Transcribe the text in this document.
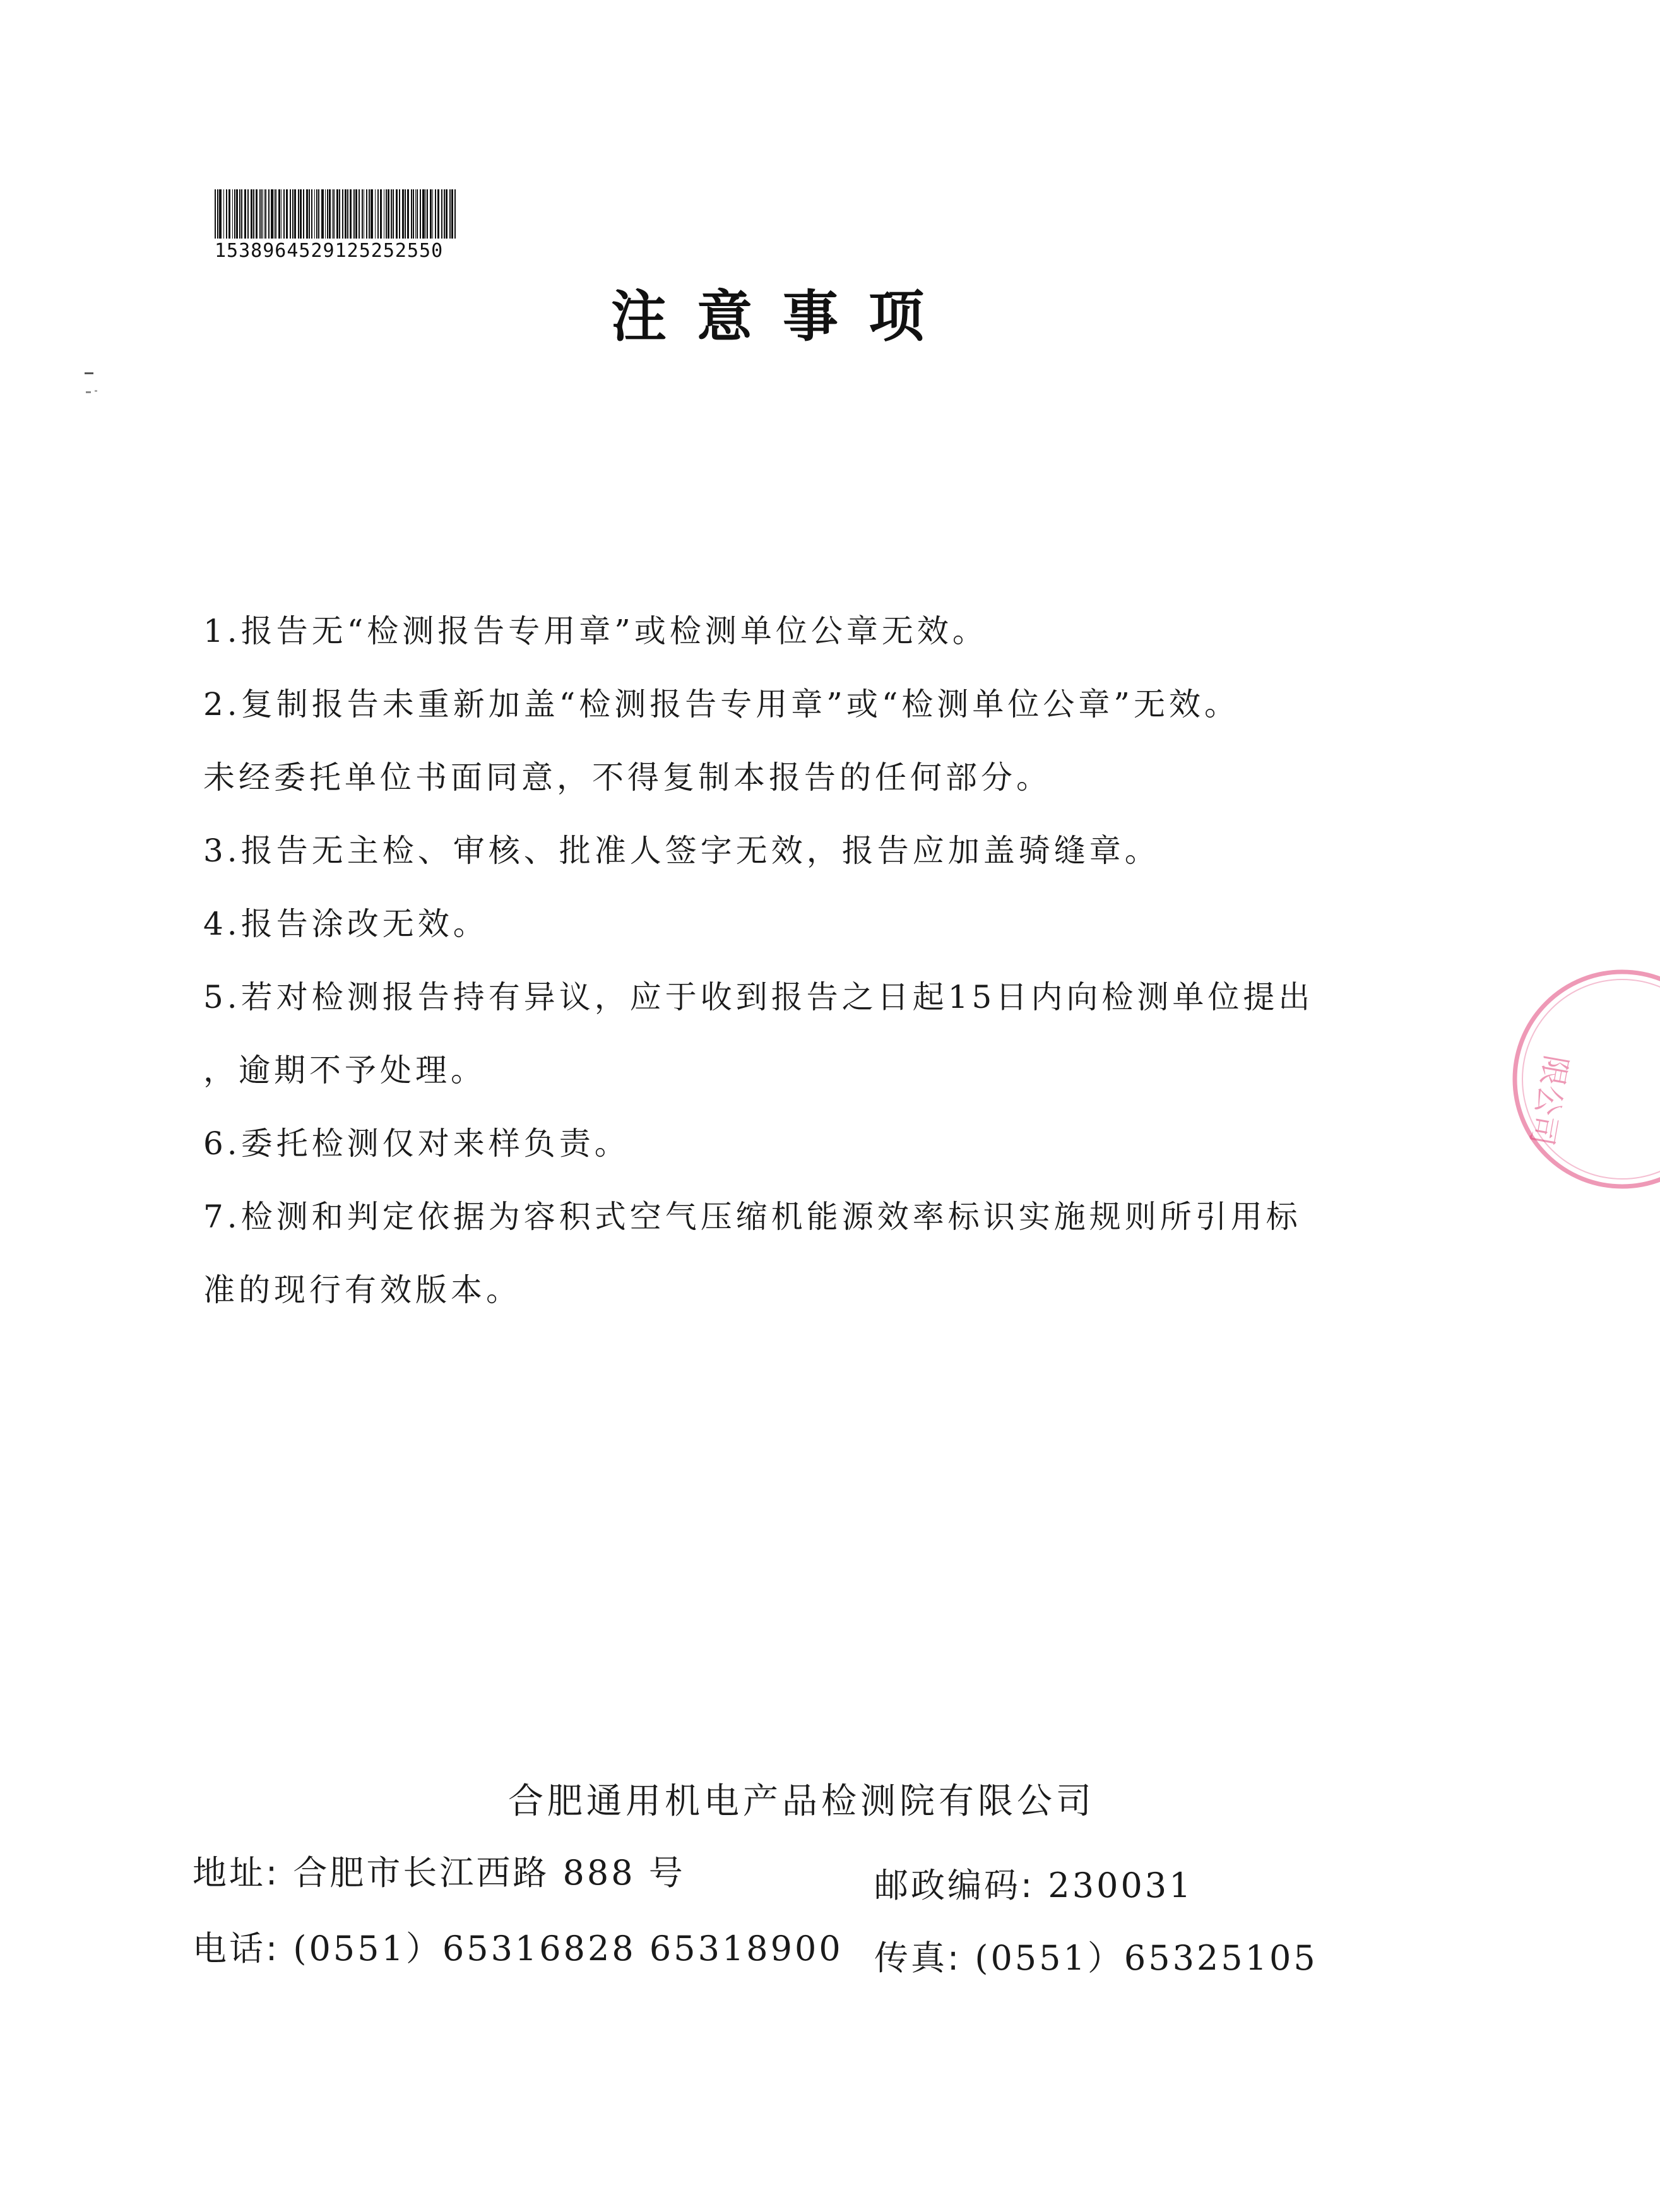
1538964529125252550
注意事项
1.报告无“检测报告专用章”或检测单位公章无效。
2.复制报告未重新加盖“检测报告专用章”或“检测单位公章”无效。
未经委托单位书面同意，不得复制本报告的任何部分。
3.报告无主检、审核、批准人签字无效，报告应加盖骑缝章。
4.报告涂改无效。
5.若对检测报告持有异议，应于收到报告之日起15日内向检测单位提出
，逾期不予处理。
6.委托检测仅对来样负责。
7.检测和判定依据为容积式空气压缩机能源效率标识实施规则所引用标
准的现行有效版本。
限公司
合肥通用机电产品检测院有限公司
地址: 合肥市长江西路 888 号	邮政编码: 230031
电话: (0551）65316828 65318900 传真: (0551）65325105
